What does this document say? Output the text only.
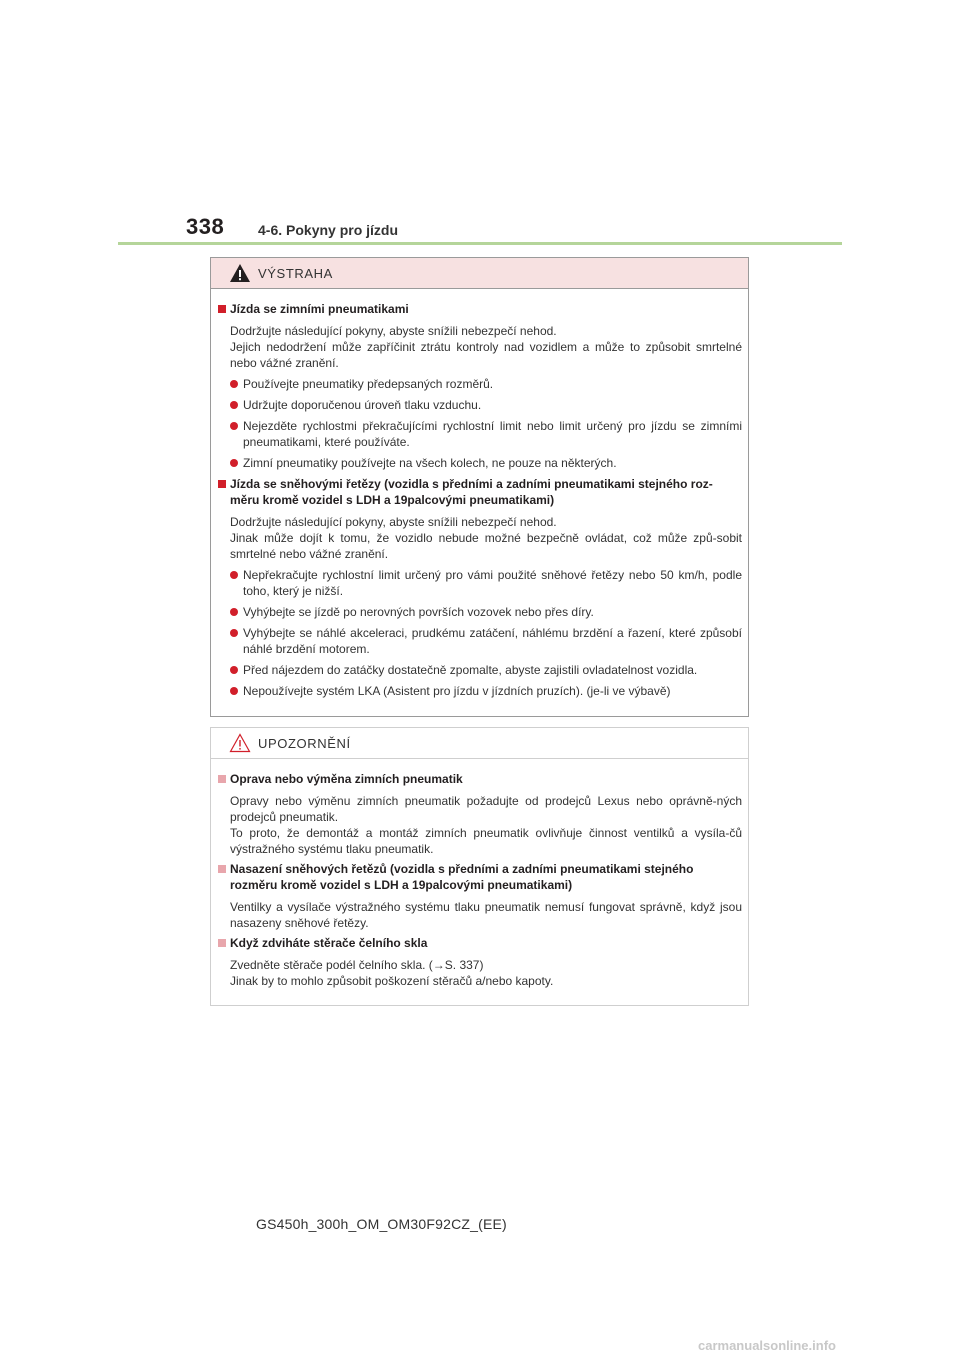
338 4-6. Pokyny pro jízdu
VÝSTRAHA
Jízda se zimními pneumatikami
Dodržujte následující pokyny, abyste snížili nebezpečí nehod.
Jejich nedodržení může zapříčinit ztrátu kontroly nad vozidlem a může to způsobit smrtelné nebo vážné zranění.
Používejte pneumatiky předepsaných rozměrů.
Udržujte doporučenou úroveň tlaku vzduchu.
Nejezděte rychlostmi překračujícími rychlostní limit nebo limit určený pro jízdu se zimními pneumatikami, které používáte.
Zimní pneumatiky používejte na všech kolech, ne pouze na některých.
Jízda se sněhovými řetězy (vozidla s předními a zadními pneumatikami stejného roz-měru kromě vozidel s LDH a 19palcovými pneumatikami)
Dodržujte následující pokyny, abyste snížili nebezpečí nehod.
Jinak může dojít k tomu, že vozidlo nebude možné bezpečně ovládat, což může způ-sobit smrtelné nebo vážné zranění.
Nepřekračujte rychlostní limit určený pro vámi použité sněhové řetězy nebo 50 km/h, podle toho, který je nižší.
Vyhýbejte se jízdě po nerovných površích vozovek nebo přes díry.
Vyhýbejte se náhlé akceleraci, prudkému zatáčení, náhlému brzdění a řazení, které způsobí náhlé brzdění motorem.
Před nájezdem do zatáčky dostatečně zpomalte, abyste zajistili ovladatelnost vozidla.
Nepoužívejte systém LKA (Asistent pro jízdu v jízdních pruzích). (je-li ve výbavě)
UPOZORNĚNÍ
Oprava nebo výměna zimních pneumatik
Opravy nebo výměnu zimních pneumatik požadujte od prodejců Lexus nebo oprávně-ných prodejců pneumatik.
To proto, že demontáž a montáž zimních pneumatik ovlivňuje činnost ventilků a vysíla-čů výstražného systému tlaku pneumatik.
Nasazení sněhových řetězů (vozidla s předními a zadními pneumatikami stejného rozměru kromě vozidel s LDH a 19palcovými pneumatikami)
Ventilky a vysílače výstražného systému tlaku pneumatik nemusí fungovat správně, když jsou nasazeny sněhové řetězy.
Když zdviháte stěrače čelního skla
Zvedněte stěrače podél čelního skla. (→S. 337)
Jinak by to mohlo způsobit poškození stěračů a/nebo kapoty.
GS450h_300h_OM_OM30F92CZ_(EE)
carmanualsonline.info
